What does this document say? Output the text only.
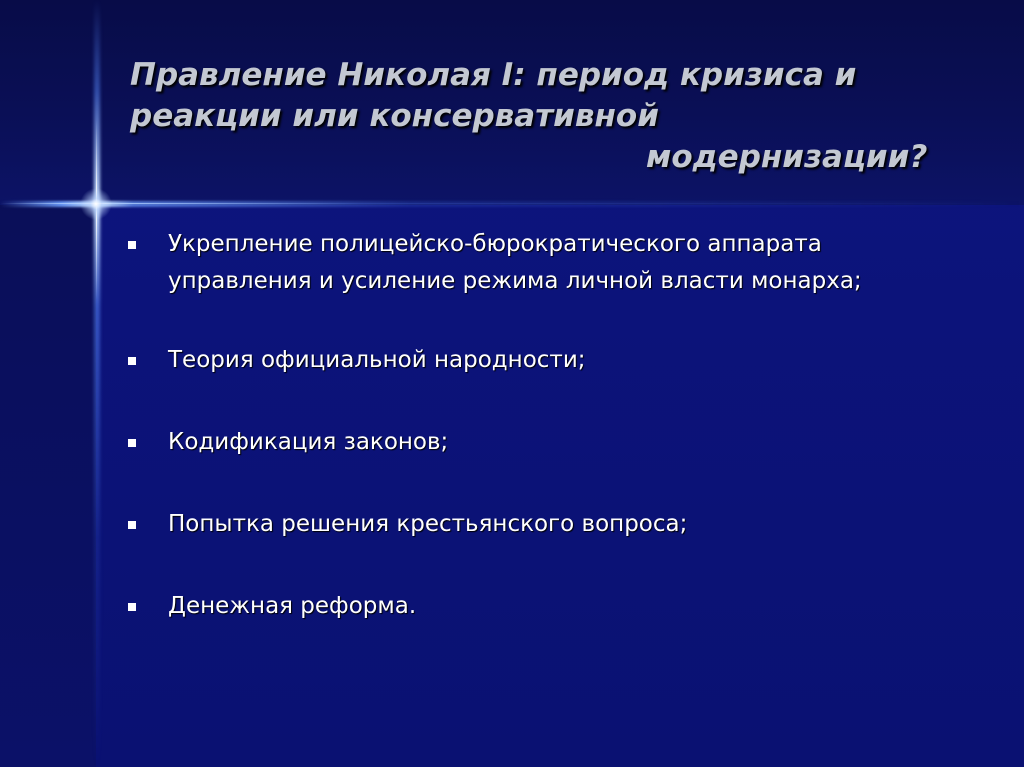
Правление Николая I: период кризиса и
реакции или консервативной
модернизации?
Укрепление полицейско-бюрократического аппарата
управления и усиление режима личной власти монарха;
Теория официальной народности;
Кодификация законов;
Попытка решения крестьянского вопроса;
Денежная реформа.
